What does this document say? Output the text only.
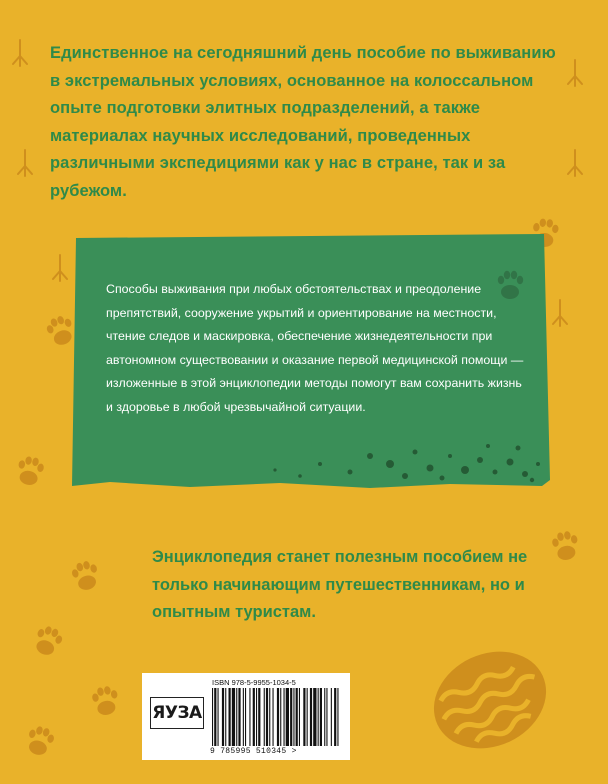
Единственное на сегодняшний день пособие по выживанию в экстремальных условиях, основанное на колоссальном опыте подготовки элитных подразделений, а также материалах научных исследований, проведенных различными экспедициями как у нас в стране, так и за рубежом.
Способы выживания при любых обстоятельствах и преодоление препятствий, сооружение укрытий и ориентирование на местности, чтение следов и маскировка, обеспечение жизнедеятельности при автономном существовании и оказание первой медицинской помощи — изложенные в этой энциклопедии методы помогут вам сохранить жизнь и здоровье в любой чрезвычайной ситуации.
Энциклопедия станет полезным пособием не только начинающим путешественникам, но и опытным туристам.
ЯУЗА
ISBN 978-5-9955-1034-5
9 785995 510345 >
